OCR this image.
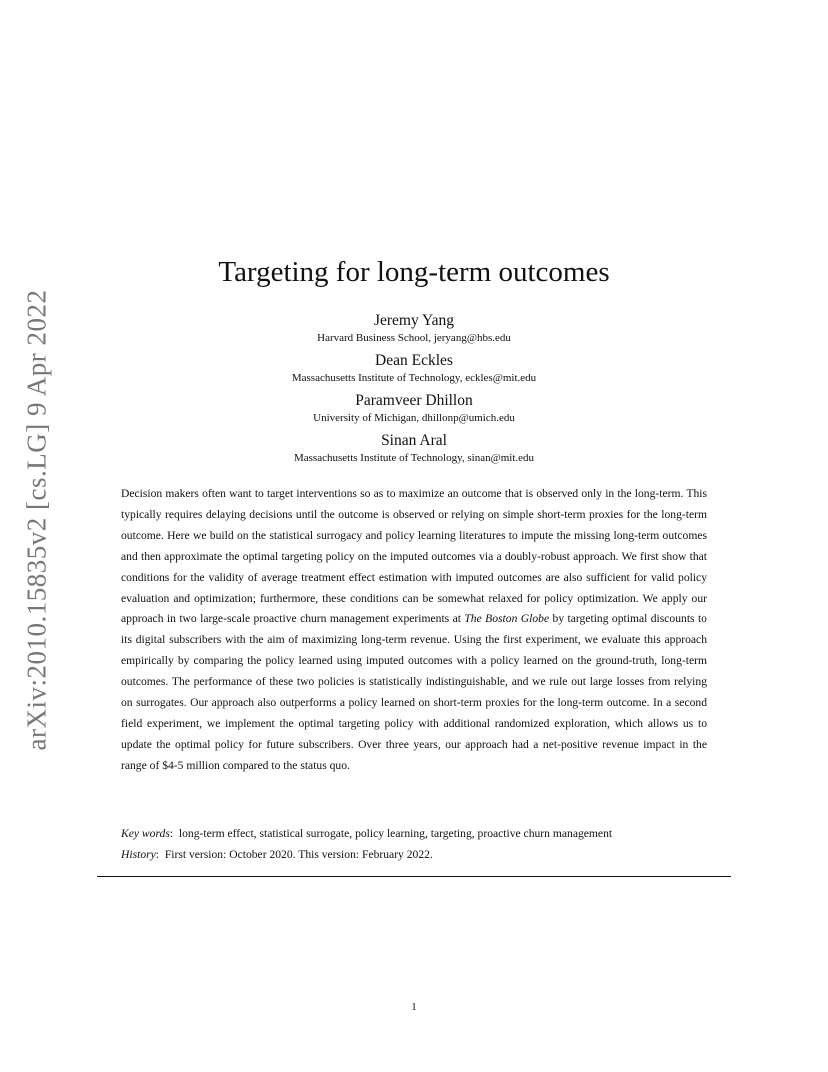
arXiv:2010.15835v2 [cs.LG] 9 Apr 2022
Targeting for long-term outcomes
Jeremy Yang
Harvard Business School, jeryang@hbs.edu
Dean Eckles
Massachusetts Institute of Technology, eckles@mit.edu
Paramveer Dhillon
University of Michigan, dhillonp@umich.edu
Sinan Aral
Massachusetts Institute of Technology, sinan@mit.edu

Decision makers often want to target interventions so as to maximize an outcome that is observed only in the long-term. This typically requires delaying decisions until the outcome is observed or relying on simple short-term proxies for the long-term outcome. Here we build on the statistical surrogacy and policy learning literatures to impute the missing long-term outcomes and then approximate the optimal targeting policy on the imputed outcomes via a doubly-robust approach. We first show that conditions for the validity of average treatment effect estimation with imputed outcomes are also sufficient for valid policy evaluation and optimization; furthermore, these conditions can be somewhat relaxed for policy optimization. We apply our approach in two large-scale proactive churn management experiments at The Boston Globe by targeting optimal discounts to its digital subscribers with the aim of maximizing long-term revenue. Using the first experiment, we evaluate this approach empirically by comparing the policy learned using imputed outcomes with a policy learned on the ground-truth, long-term outcomes. The performance of these two policies is statistically indistinguishable, and we rule out large losses from relying on surrogates. Our approach also outperforms a policy learned on short-term proxies for the long-term outcome. In a second field experiment, we implement the optimal targeting policy with additional randomized exploration, which allows us to update the optimal policy for future subscribers. Over three years, our approach had a net-positive revenue impact in the range of $4-5 million compared to the status quo.

Key words:  long-term effect, statistical surrogate, policy learning, targeting, proactive churn management
History:  First version: October 2020. This version: February 2022.
1
